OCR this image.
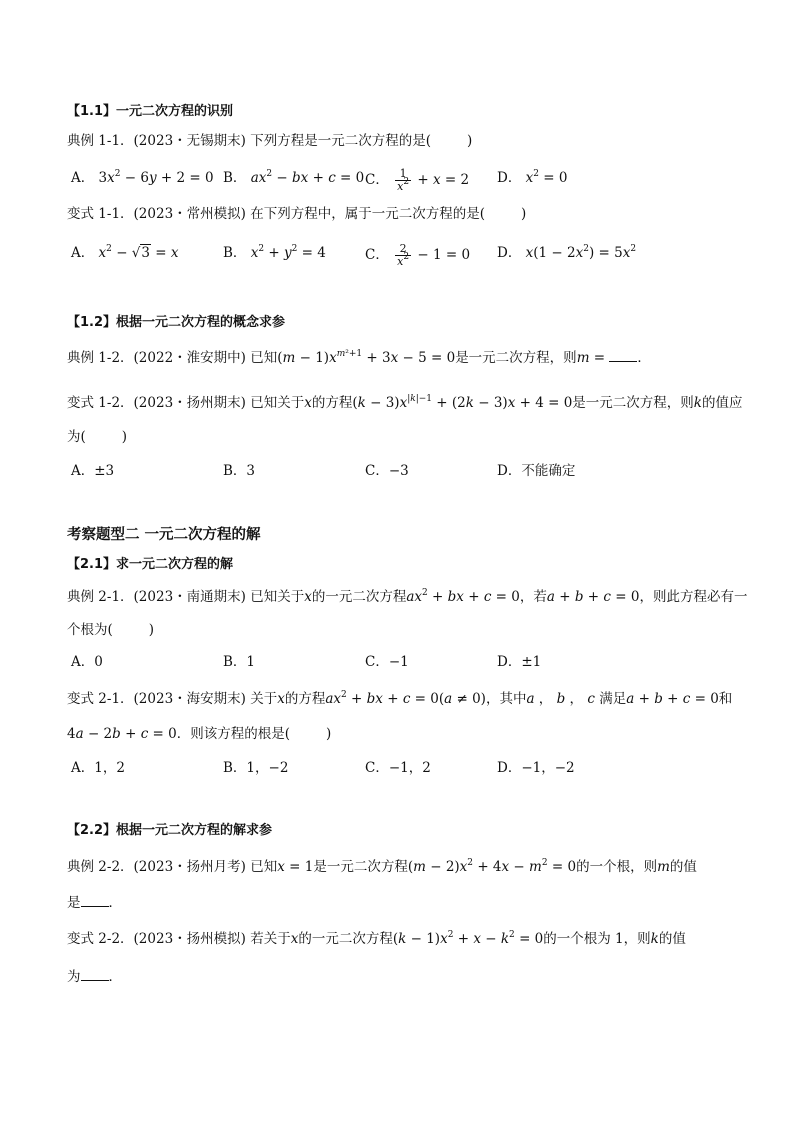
【1.1】一元二次方程的识别
典例 1-1．(2023・无锡期末) 下列方程是一元二次方程的是(	)
A． $3x^2 - 6y + 2 = 0$ B． $ax^2$ − bx + c = 0 C． $\frac{1}{x^2} + x = 2$ D． $x^2 = 0$
变式 1-1．(2023・常州模拟) 在下列方程中，属于一元二次方程的是(	)
A． $x^2 - √3 = x$	B． $x^2 + y^2 = 4$	C． $\frac{2}{x^2} - 1 = 0$ D． $x(1 - 2x^2) = 5x^2$
【1.2】根据一元二次方程的概念求参
典例 1-2．(2022・淮安期中) 已知$(m - 1)x^{m^2+1} + 3x - 5 = 0$是一元二次方程，则m = ．
变式 1-2．(2023・扬州期末) 已知关于x的方程$(k - 3)x^{|k|-1} + (2k - 3)x + 4 = 0$是一元二次方程，则k的值应
为(	)
A．±3	B．3	C．−3	D．不能确定
考察题型二 一元二次方程的解
【2.1】求一元二次方程的解
典例 2-1．(2023・南通期末) 已知关于x的一元二次方程$ax^2$ + bx + c = 0，若a + b + c = 0，则此方程必有一
个根为(	)
A．0	B．1	C．−1	D．±1
变式 2-1．(2023・海安期末) 关于x的方程$ax^2$ + bx + c = 0(a ≠ 0)，其中a ， b ， c 满足a + b + c = 0和
4a − 2b + c = 0．则该方程的根是(	)
A．1，2	B．1，−2	C．−1，2	D．−1，−2
【2.2】根据一元二次方程的解求参
典例 2-2．(2023・扬州月考) 已知x = 1是一元二次方程$(m - 2)x^2 + 4x - m^2 = 0$的一个根，则m的值
是 ．
变式 2-2．(2023・扬州模拟) 若关于x的一元二次方程$(k - 1)x^2 + x - k^2 = 0$的一个根为 1，则k的值
为 ．
